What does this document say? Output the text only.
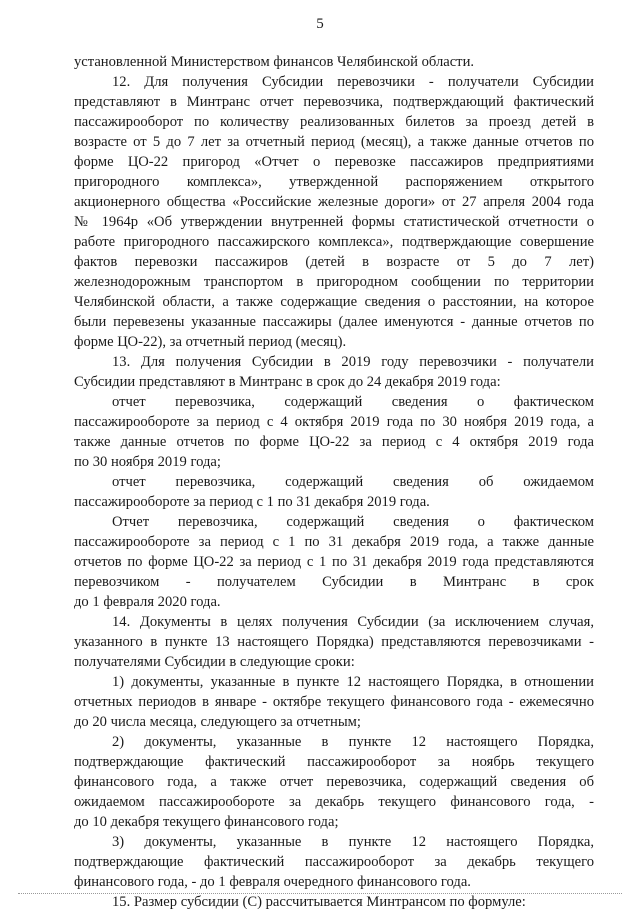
5
установленной Министерством финансов Челябинской области.
12. Для получения Субсидии перевозчики - получатели Субсидии
представляют в Минтранс отчет перевозчика, подтверждающий фактический
пассажирооборот по количеству реализованных билетов за проезд детей в
возрасте от 5 до 7 лет за отчетный период (месяц), а также данные отчетов по
форме ЦО-22 пригород «Отчет о перевозке пассажиров предприятиями
пригородного комплекса», утвержденной распоряжением открытого
акционерного общества «Российские железные дороги» от 27 апреля 2004 года
№ 1964р «Об утверждении внутренней формы статистической отчетности о
работе пригородного пассажирского комплекса», подтверждающие совершение
фактов перевозки пассажиров (детей в возрасте от 5 до 7 лет)
железнодорожным транспортом в пригородном сообщении по территории
Челябинской области, а также содержащие сведения о расстоянии, на которое
были перевезены указанные пассажиры (далее именуются - данные отчетов по
форме ЦО-22), за отчетный период (месяц).
13. Для получения Субсидии в 2019 году перевозчики - получатели
Субсидии представляют в Минтранс в срок до 24 декабря 2019 года:
отчет перевозчика, содержащий сведения о фактическом
пассажирообороте за период с 4 октября 2019 года по 30 ноября 2019 года, а
также данные отчетов по форме ЦО-22 за период с 4 октября 2019 года
по 30 ноября 2019 года;
отчет перевозчика, содержащий сведения об ожидаемом
пассажирообороте за период с 1 по 31 декабря 2019 года.
Отчет перевозчика, содержащий сведения о фактическом
пассажирообороте за период с 1 по 31 декабря 2019 года, а также данные
отчетов по форме ЦО-22 за период с 1 по 31 декабря 2019 года представляются
перевозчиком - получателем Субсидии в Минтранс в срок
до 1 февраля 2020 года.
14. Документы в целях получения Субсидии (за исключением случая,
указанного в пункте 13 настоящего Порядка) представляются перевозчиками -
получателями Субсидии в следующие сроки:
1) документы, указанные в пункте 12 настоящего Порядка, в отношении
отчетных периодов в январе - октябре текущего финансового года - ежемесячно
до 20 числа месяца, следующего за отчетным;
2) документы, указанные в пункте 12 настоящего Порядка,
подтверждающие фактический пассажирооборот за ноябрь текущего
финансового года, а также отчет перевозчика, содержащий сведения об
ожидаемом пассажирообороте за декабрь текущего финансового года, -
до 10 декабря текущего финансового года;
3) документы, указанные в пункте 12 настоящего Порядка,
подтверждающие фактический пассажирооборот за декабрь текущего
финансового года, - до 1 февраля очередного финансового года.
15. Размер субсидии (С) рассчитывается Минтрансом по формуле:
